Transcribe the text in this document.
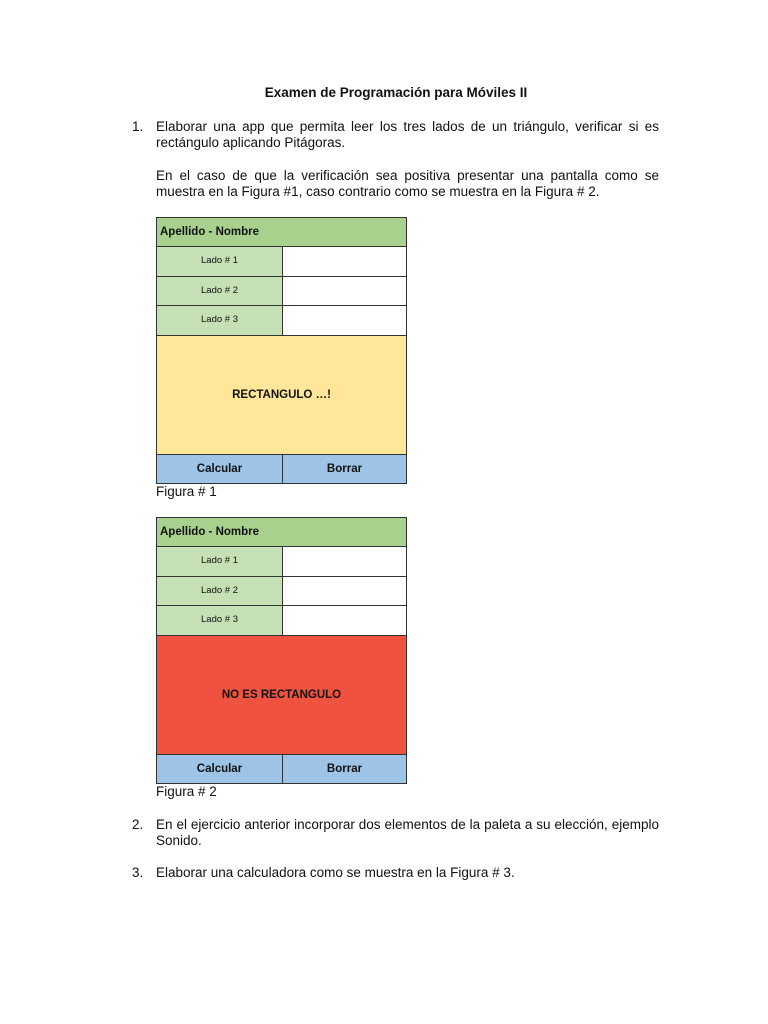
Examen de Programación para Móviles II
1. Elaborar una app que permita leer los tres lados de un triángulo, verificar si es rectángulo aplicando Pitágoras.
En el caso de que la verificación sea positiva presentar una pantalla como se muestra en la Figura #1, caso contrario como se muestra en la Figura # 2.
Apellido - Nombre
Lado # 1
Lado # 2
Lado # 3
RECTANGULO …!
Calcular	Borrar
Figura # 1
Apellido - Nombre
Lado # 1
Lado # 2
Lado # 3
NO ES RECTANGULO
Calcular	Borrar
Figura # 2
2. En el ejercicio anterior incorporar dos elementos de la paleta a su elección, ejemplo Sonido.
3. Elaborar una calculadora como se muestra en la Figura # 3.
